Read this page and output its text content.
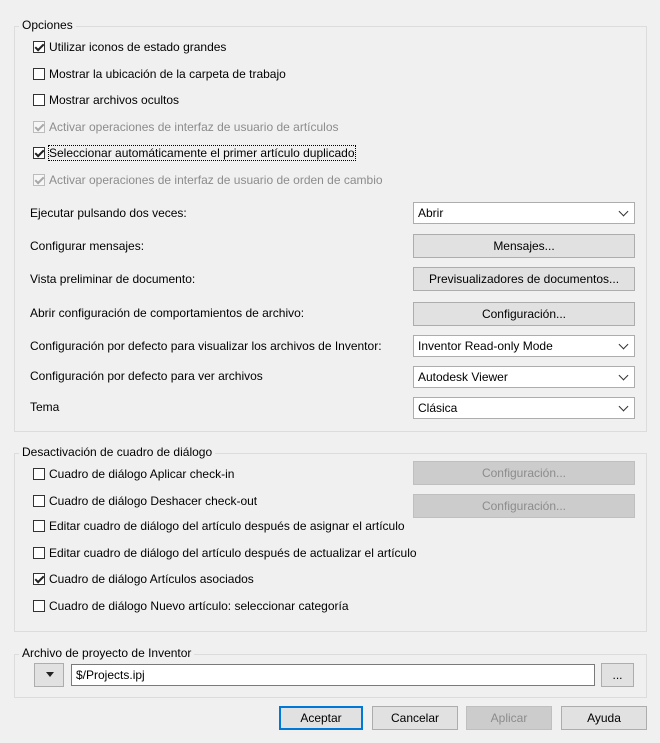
Opciones
Utilizar iconos de estado grandes
Mostrar la ubicación de la carpeta de trabajo
Mostrar archivos ocultos
Activar operaciones de interfaz de usuario de artículos
Seleccionar automáticamente el primer artículo duplicado
Activar operaciones de interfaz de usuario de orden de cambio
Ejecutar pulsando dos veces:	Abrir
Configurar mensajes:	Mensajes...
Vista preliminar de documento:	Previsualizadores de documentos...
Abrir configuración de comportamientos de archivo:	Configuración...
Configuración por defecto para visualizar los archivos de Inventor:	Inventor Read-only Mode
Configuración por defecto para ver archivos	Autodesk Viewer
Tema	Clásica
Desactivación de cuadro de diálogo
Cuadro de diálogo Aplicar check-in	Configuración...
Cuadro de diálogo Deshacer check-out	Configuración...
Editar cuadro de diálogo del artículo después de asignar el artículo
Editar cuadro de diálogo del artículo después de actualizar el artículo
Cuadro de diálogo Artículos asociados
Cuadro de diálogo Nuevo artículo: seleccionar categoría
Archivo de proyecto de Inventor
$/Projects.ipj	...
Aceptar	Cancelar	Aplicar	Ayuda
